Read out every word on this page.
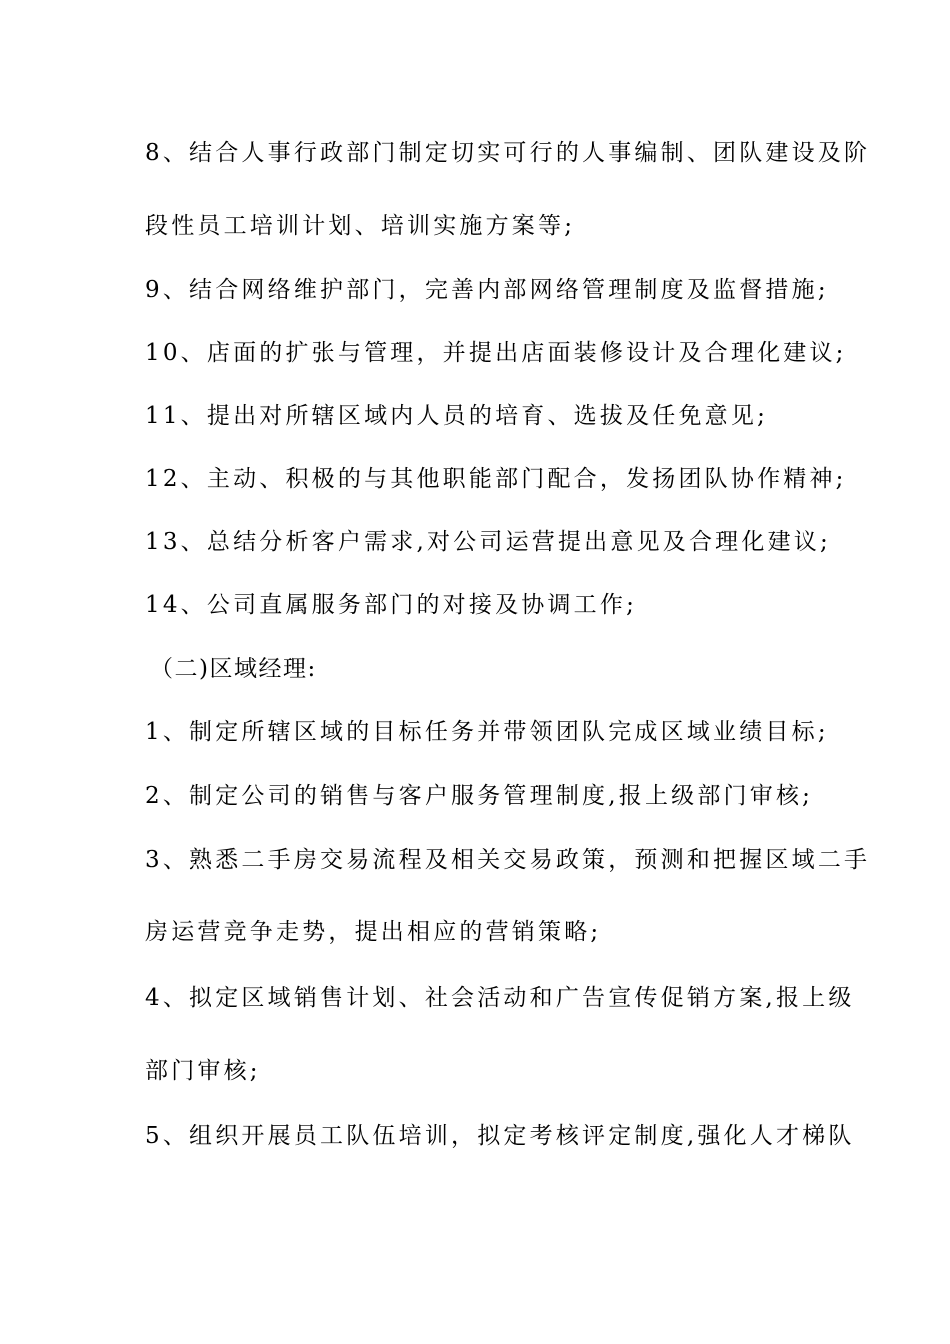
8、结合人事行政部门制定切实可行的人事编制、团队建设及阶
段性员工培训计划、培训实施方案等;
9、结合网络维护部门，完善内部网络管理制度及监督措施;
10、店面的扩张与管理，并提出店面装修设计及合理化建议;
11、提出对所辖区域内人员的培育、选拔及任免意见;
12、主动、积极的与其他职能部门配合，发扬团队协作精神;
13、总结分析客户需求,对公司运营提出意见及合理化建议;
14、公司直属服务部门的对接及协调工作;
（二)区域经理:
1、制定所辖区域的目标任务并带领团队完成区域业绩目标;
2、制定公司的销售与客户服务管理制度,报上级部门审核;
3、熟悉二手房交易流程及相关交易政策，预测和把握区域二手
房运营竞争走势，提出相应的营销策略;
4、拟定区域销售计划、社会活动和广告宣传促销方案,报上级
部门审核;
5、组织开展员工队伍培训，拟定考核评定制度,强化人才梯队
